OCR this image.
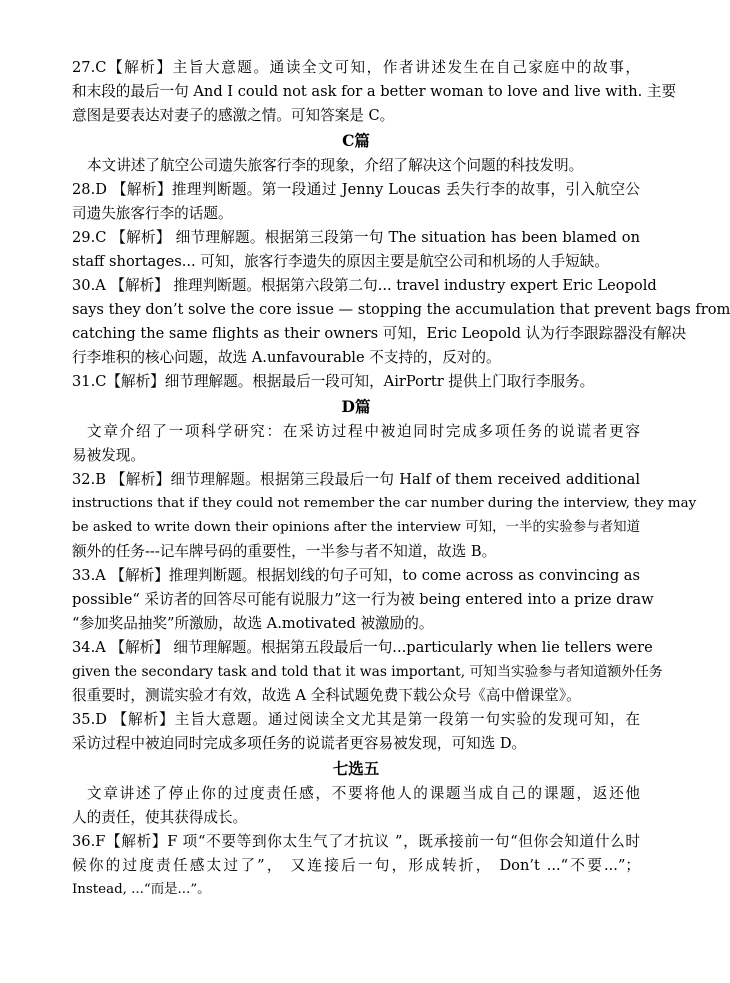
27.C【解析】主旨大意题。通读全文可知，作者讲述发生在自己家庭中的故事，
和末段的最后一句 And I could not ask for a better woman to love and live with. 主要
意图是要表达对妻子的感激之情。可知答案是 C。
C篇
本文讲述了航空公司遗失旅客行李的现象，介绍了解决这个问题的科技发明。
28.D 【解析】推理判断题。第一段通过 Jenny Loucas 丢失行李的故事，引入航空公
司遗失旅客行李的话题。
29.C 【解析】 细节理解题。根据第三段第一句 The situation has been blamed on
staff shortages... 可知，旅客行李遗失的原因主要是航空公司和机场的人手短缺。
30.A 【解析】 推理判断题。根据第六段第二句... travel industry expert Eric Leopold
says they don’t solve the core issue — stopping the accumulation that prevent bags from
catching the same flights as their owners 可知，Eric Leopold 认为行李跟踪器没有解决
行李堆积的核心问题，故选 A.unfavourable 不支持的，反对的。
31.C【解析】细节理解题。根据最后一段可知，AirPortr 提供上门取行李服务。
D篇
文章介绍了一项科学研究：在采访过程中被迫同时完成多项任务的说谎者更容
易被发现。
32.B 【解析】细节理解题。根据第三段最后一句 Half of them received additional
instructions that if they could not remember the car number during the interview, they may
be asked to write down their opinions after the interview 可知，一半的实验参与者知道
额外的任务---记车牌号码的重要性，一半参与者不知道，故选 B。
33.A 【解析】推理判断题。根据划线的句子可知，to come across as convincing as
possible“ 采访者的回答尽可能有说服力”这一行为被 being entered into a prize draw
“参加奖品抽奖”所激励，故选 A.motivated 被激励的。
34.A 【解析】 细节理解题。根据第五段最后一句...particularly when lie tellers were
given the secondary task and told that it was important, 可知当实验参与者知道额外任务
很重要时，测谎实验才有效，故选 A 全科试题免费下载公众号《高中僧课堂》。
35.D 【解析】主旨大意题。通过阅读全文尤其是第一段第一句实验的发现可知，在
采访过程中被迫同时完成多项任务的说谎者更容易被发现，可知选 D。
七选五
文章讲述了停止你的过度责任感，不要将他人的课题当成自己的课题，返还他
人的责任，使其获得成长。
36.F【解析】F 项“不要等到你太生气了才抗议 ”，既承接前一句“但你会知道什么时
候你的过度责任感太过了”， 又连接后一句，形成转折， Don’t ...“不要...”；
Instead, ...“而是...”。
